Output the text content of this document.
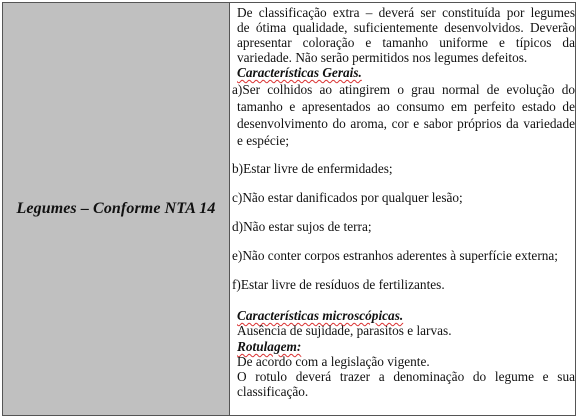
Legumes – Conforme NTA 14
De classificação extra – deverá ser constituída por legumes
de ótima qualidade, suficientemente desenvolvidos. Deverão
apresentar coloração e tamanho uniforme e típicos da
variedade. Não serão permitidos nos legumes defeitos.
Características Gerais.
a)Ser colhidos ao atingirem o grau normal de evolução do
tamanho e apresentados ao consumo em perfeito estado de
desenvolvimento do aroma, cor e sabor próprios da variedade
e espécie;
b)Estar livre de enfermidades;
c)Não estar danificados por qualquer lesão;
d)Não estar sujos de terra;
e)Não conter corpos estranhos aderentes à superfície externa;
f)Estar livre de resíduos de fertilizantes.
Características microscópicas.
Ausência de sujidade, parasitos e larvas.
Rotulagem:
De acordo com a legislação vigente.
O rotulo deverá trazer a denominação do legume e sua
classificação.
